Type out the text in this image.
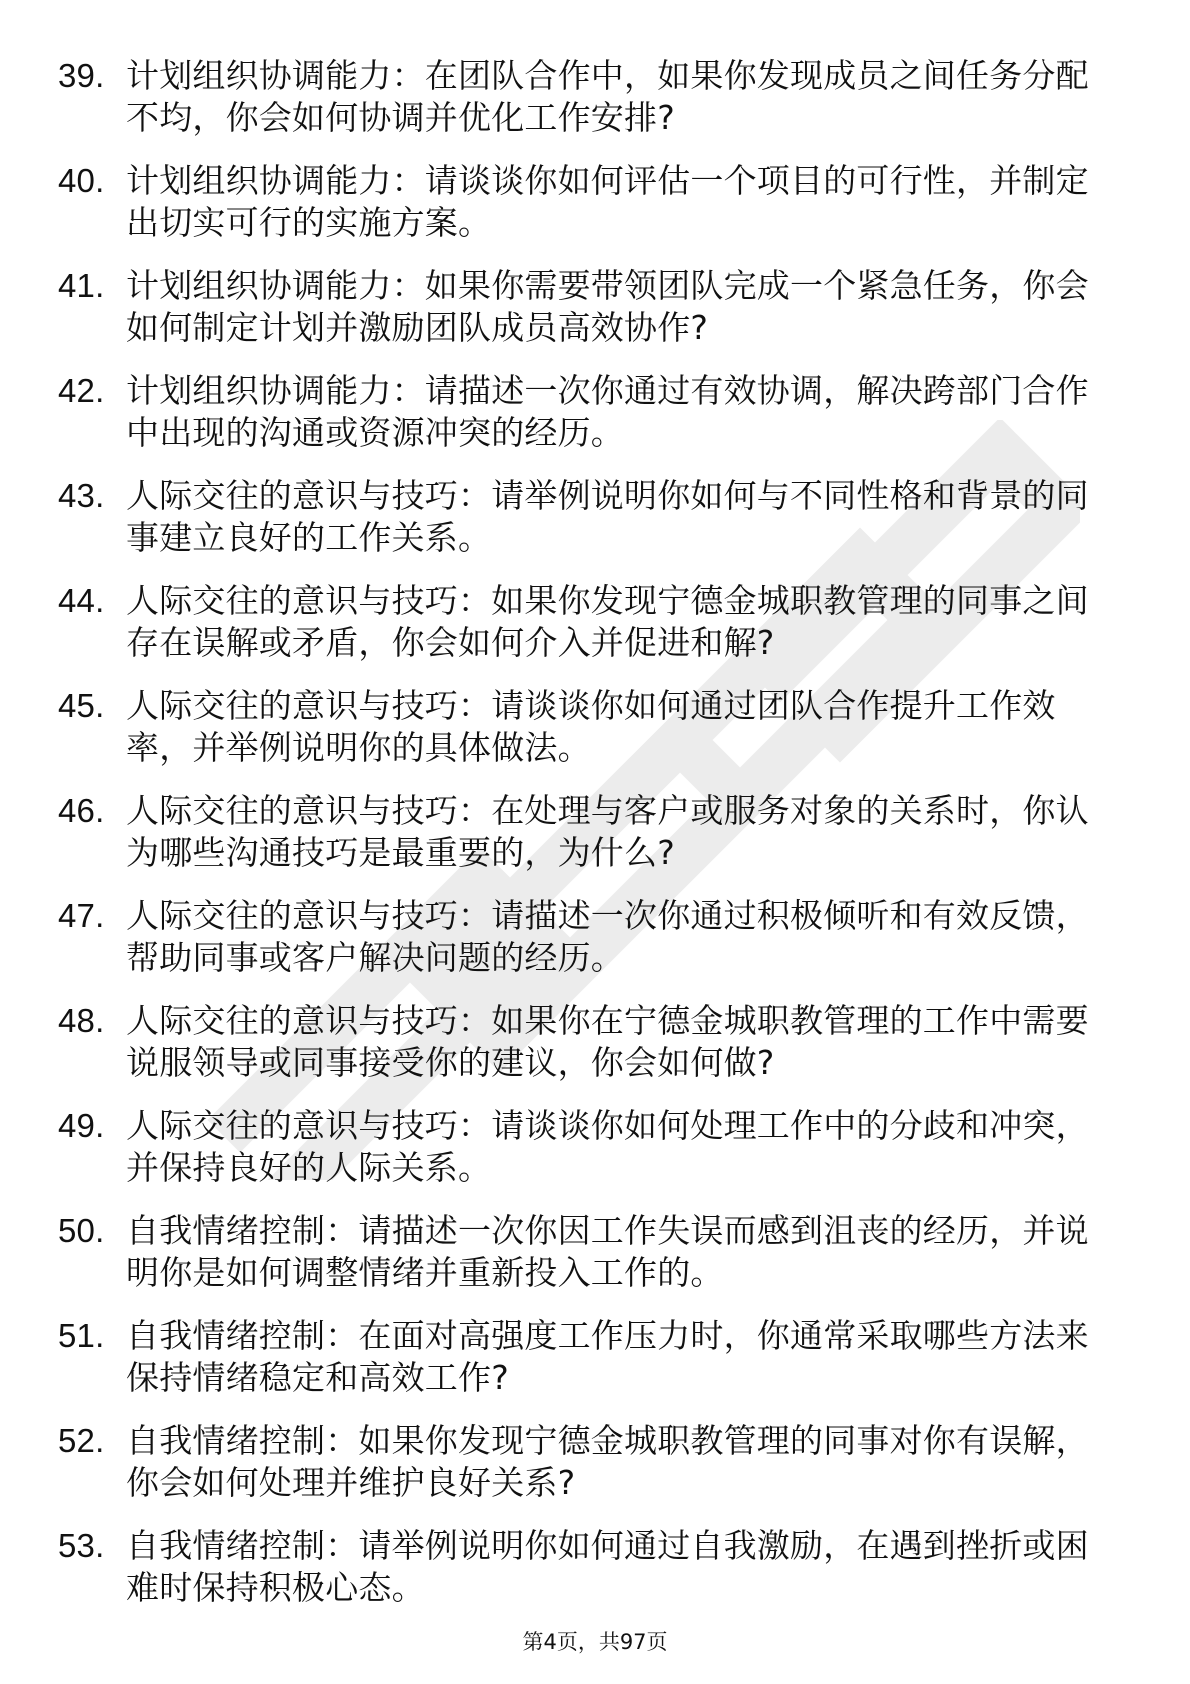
39. 计划组织协调能力：在团队合作中，如果你发现成员之间任务分配不均，你会如何协调并优化工作安排?
40. 计划组织协调能力：请谈谈你如何评估一个项目的可行性，并制定出切实可行的实施方案。
41. 计划组织协调能力：如果你需要带领团队完成一个紧急任务，你会如何制定计划并激励团队成员高效协作?
42. 计划组织协调能力：请描述一次你通过有效协调，解决跨部门合作中出现的沟通或资源冲突的经历。
43. 人际交往的意识与技巧：请举例说明你如何与不同性格和背景的同事建立良好的工作关系。
44. 人际交往的意识与技巧：如果你发现宁德金城职教管理的同事之间存在误解或矛盾，你会如何介入并促进和解?
45. 人际交往的意识与技巧：请谈谈你如何通过团队合作提升工作效率，并举例说明你的具体做法。
46. 人际交往的意识与技巧：在处理与客户或服务对象的关系时，你认为哪些沟通技巧是最重要的，为什么?
47. 人际交往的意识与技巧：请描述一次你通过积极倾听和有效反馈，帮助同事或客户解决问题的经历。
48. 人际交往的意识与技巧：如果你在宁德金城职教管理的工作中需要说服领导或同事接受你的建议，你会如何做?
49. 人际交往的意识与技巧：请谈谈你如何处理工作中的分歧和冲突，并保持良好的人际关系。
50. 自我情绪控制：请描述一次你因工作失误而感到沮丧的经历，并说明你是如何调整情绪并重新投入工作的。
51. 自我情绪控制：在面对高强度工作压力时，你通常采取哪些方法来保持情绪稳定和高效工作?
52. 自我情绪控制：如果你发现宁德金城职教管理的同事对你有误解，你会如何处理并维护良好关系?
53. 自我情绪控制：请举例说明你如何通过自我激励，在遇到挫折或困难时保持积极心态。
第4页，共97页
